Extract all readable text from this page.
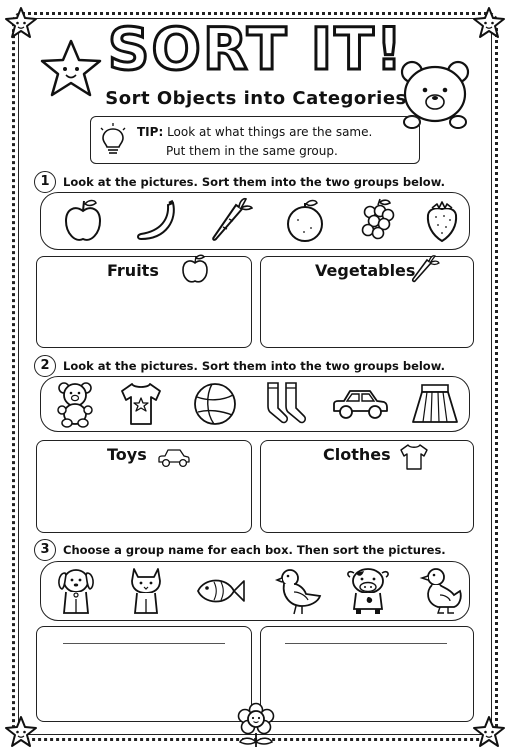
SORT IT!
Sort Objects into Categories
TIP: Look at what things are the same.
Put them in the same group.
1	Look at the pictures. Sort them into the two groups below.
Fruits	Vegetables
2	Look at the pictures. Sort them into the two groups below.
Toys	Clothes
3	Choose a group name for each box. Then sort the pictures.
